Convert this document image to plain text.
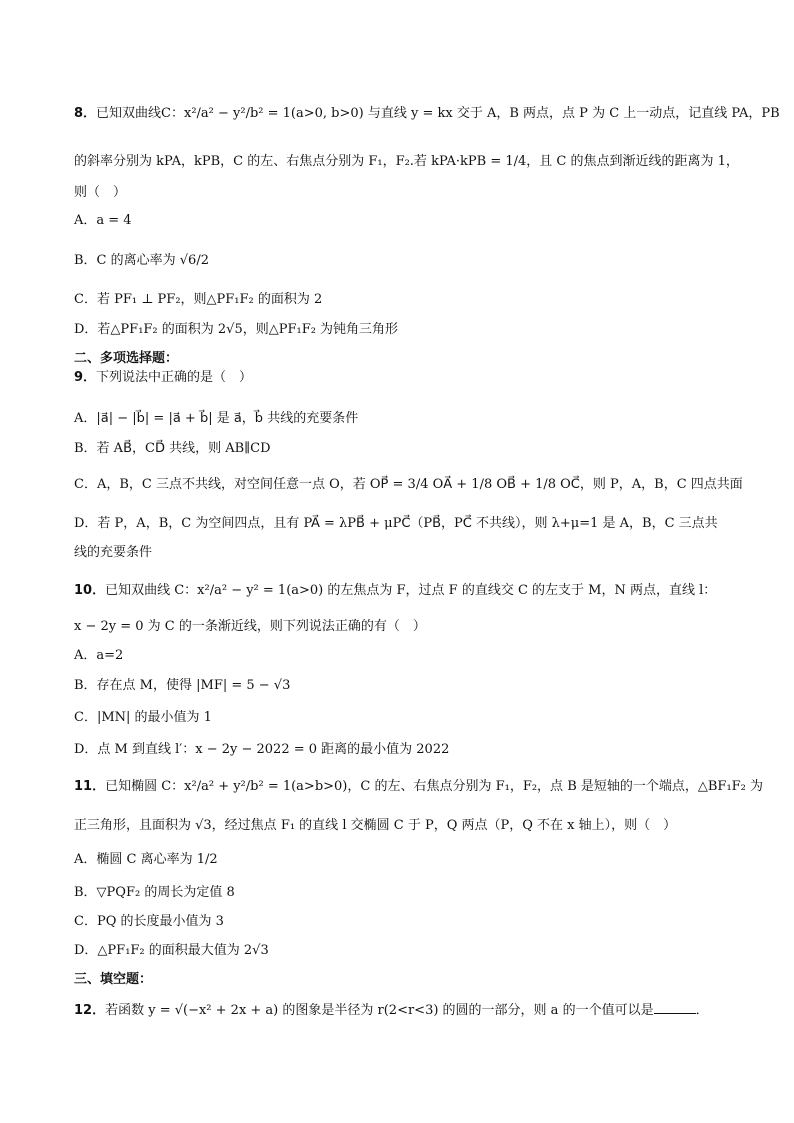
8．已知双曲线C：x²/a² − y²/b² = 1(a>0, b>0) 与直线 y = kx 交于 A，B 两点，点 P 为 C 上一动点，记直线 PA，PB
的斜率分别为 kPA，kPB，C 的左、右焦点分别为 F₁，F₂.若 kPA·kPB = 1/4，且 C 的焦点到渐近线的距离为 1，
则（　）
A．a = 4
B．C 的离心率为 √6/2
C．若 PF₁ ⊥ PF₂，则△PF₁F₂ 的面积为 2
D．若△PF₁F₂ 的面积为 2√5，则△PF₁F₂ 为钝角三角形
二、多项选择题：
9．下列说法中正确的是（　）
A．|a⃗| − |b⃗| = |a⃗ + b⃗| 是 a⃗，b⃗ 共线的充要条件
B．若 AB⃗，CD⃗ 共线，则 AB∥CD
C．A，B，C 三点不共线，对空间任意一点 O，若 OP⃗ = 3/4 OA⃗ + 1/8 OB⃗ + 1/8 OC⃗，则 P，A，B，C 四点共面
D．若 P，A，B，C 为空间四点，且有 PA⃗ = λPB⃗ + μPC⃗（PB⃗，PC⃗ 不共线），则 λ+μ=1 是 A，B，C 三点共
线的充要条件
10．已知双曲线 C：x²/a² − y² = 1(a>0) 的左焦点为 F，过点 F 的直线交 C 的左支于 M，N 两点，直线 l：
x − 2y = 0 为 C 的一条渐近线，则下列说法正确的有（　）
A．a=2
B．存在点 M，使得 |MF| = 5 − √3
C．|MN| 的最小值为 1
D．点 M 到直线 l′：x − 2y − 2022 = 0 距离的最小值为 2022
11．已知椭圆 C：x²/a² + y²/b² = 1(a>b>0)，C 的左、右焦点分别为 F₁，F₂，点 B 是短轴的一个端点，△BF₁F₂ 为
正三角形，且面积为 √3，经过焦点 F₁ 的直线 l 交椭圆 C 于 P，Q 两点（P，Q 不在 x 轴上），则（　）
A．椭圆 C 离心率为 1/2
B．▽PQF₂ 的周长为定值 8
C．PQ 的长度最小值为 3
D．△PF₁F₂ 的面积最大值为 2√3
三、填空题：
12．若函数 y = √(−x² + 2x + a) 的图象是半径为 r(2<r<3) 的圆的一部分，则 a 的一个值可以是	．
